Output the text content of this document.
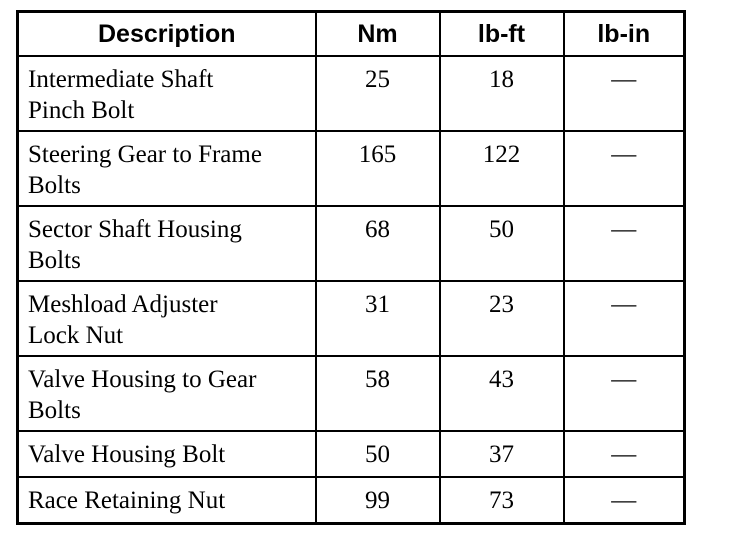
Description	Nm	lb-ft	lb-in
Intermediate Shaft
Pinch Bolt	25	18	—
Steering Gear to Frame
Bolts	165	122	—
Sector Shaft Housing
Bolts	68	50	—
Meshload Adjuster
Lock Nut	31	23	—
Valve Housing to Gear
Bolts	58	43	—
Valve Housing Bolt	50	37	—
Race Retaining Nut	99	73	—
